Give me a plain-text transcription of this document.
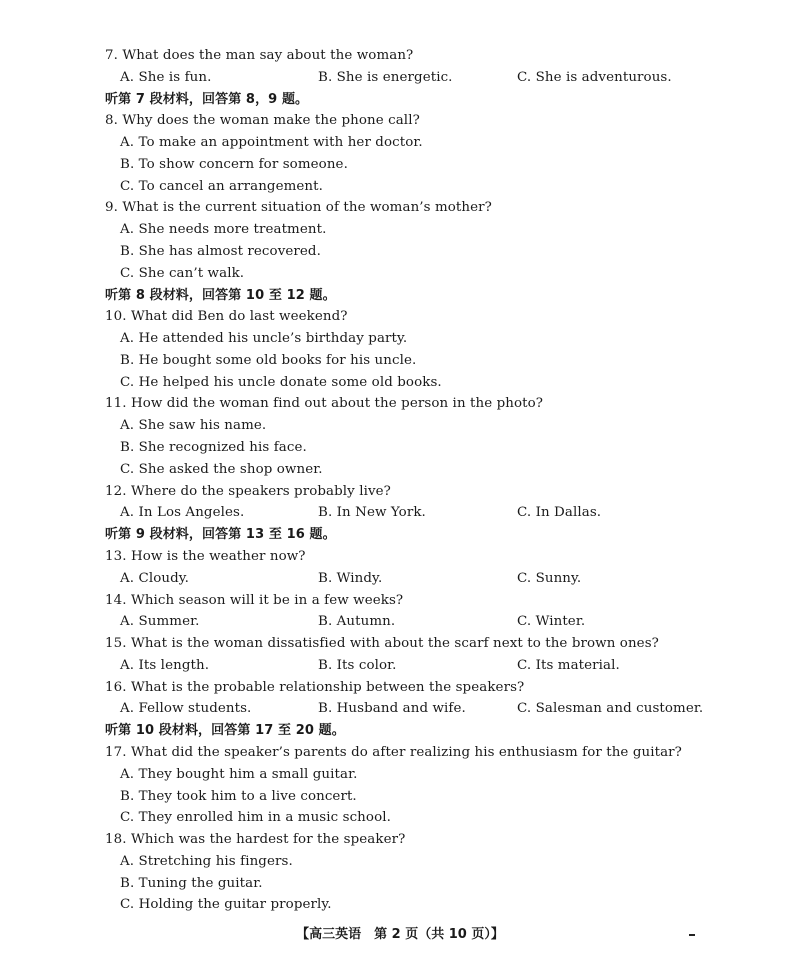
7. What does the man say about the woman?
A. She is fun.	B. She is energetic.	C. She is adventurous.
听第 7 段材料，回答第 8，9 题。
8. Why does the woman make the phone call?
A. To make an appointment with her doctor.
B. To show concern for someone.
C. To cancel an arrangement.
9. What is the current situation of the woman’s mother?
A. She needs more treatment.
B. She has almost recovered.
C. She can’t walk.
听第 8 段材料，回答第 10 至 12 题。
10. What did Ben do last weekend?
A. He attended his uncle’s birthday party.
B. He bought some old books for his uncle.
C. He helped his uncle donate some old books.
11. How did the woman find out about the person in the photo?
A. She saw his name.
B. She recognized his face.
C. She asked the shop owner.
12. Where do the speakers probably live?
A. In Los Angeles.	B. In New York.	C. In Dallas.
听第 9 段材料，回答第 13 至 16 题。
13. How is the weather now?
A. Cloudy.	B. Windy.	C. Sunny.
14. Which season will it be in a few weeks?
A. Summer.	B. Autumn.	C. Winter.
15. What is the woman dissatisfied with about the scarf next to the brown ones?
A. Its length.	B. Its color.	C. Its material.
16. What is the probable relationship between the speakers?
A. Fellow students.	B. Husband and wife.	C. Salesman and customer.
听第 10 段材料，回答第 17 至 20 题。
17. What did the speaker’s parents do after realizing his enthusiasm for the guitar?
A. They bought him a small guitar.
B. They took him to a live concert.
C. They enrolled him in a music school.
18. Which was the hardest for the speaker?
A. Stretching his fingers.
B. Tuning the guitar.
C. Holding the guitar properly.
【高三英语　第 2 页（共 10 页）】
